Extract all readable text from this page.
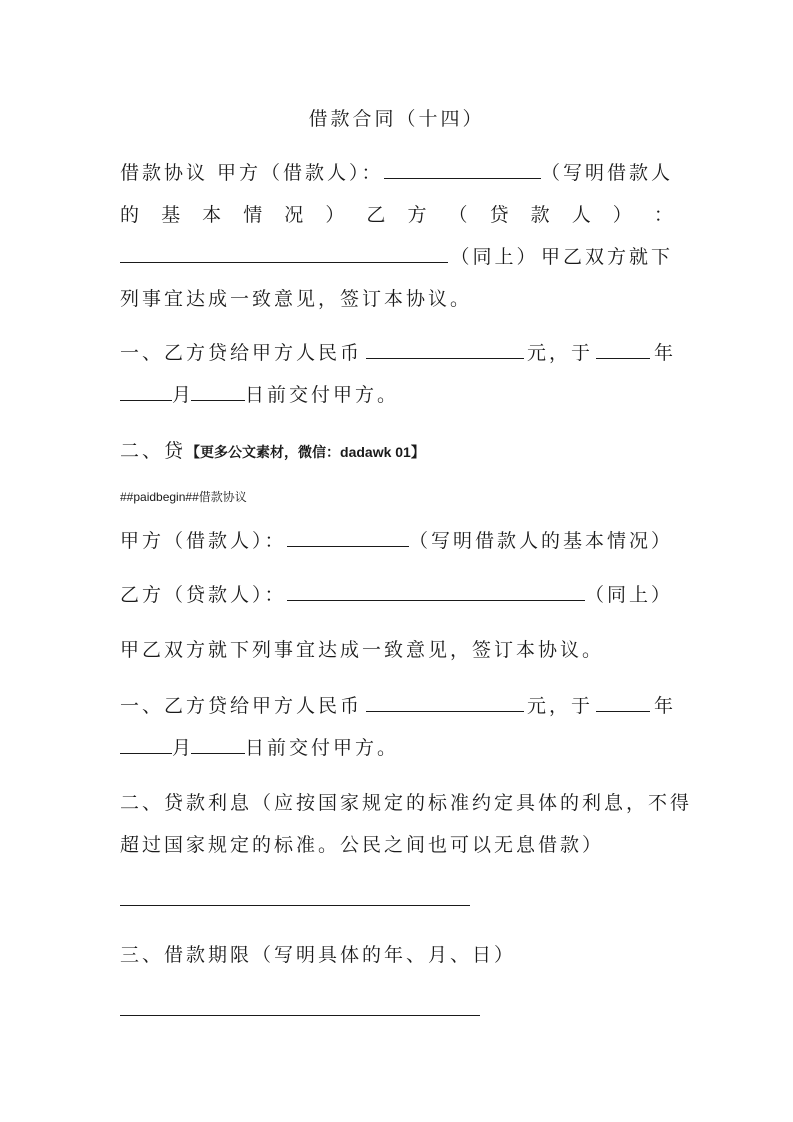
借款合同（十四）
借款协议 甲方（借款人）：	（写明借款人
的 基 本 情 况 ） 乙 方 （ 贷 款 人 ） ：
（同上） 甲乙双方就下
列事宜达成一致意见，签订本协议。
一、乙方贷给甲方人民币	元，于	年
月	日前交付甲方。
二、贷【更多公文素材，微信：dadawk 01】
##paidbegin##借款协议
甲方（借款人）：	（写明借款人的基本情况）
乙方（贷款人）：	（同上）
甲乙双方就下列事宜达成一致意见，签订本协议。
一、乙方贷给甲方人民币	元，于	年
月	日前交付甲方。
二、贷款利息（应按国家规定的标准约定具体的利息，不得
超过国家规定的标准。公民之间也可以无息借款）
三、借款期限（写明具体的年、月、日）
